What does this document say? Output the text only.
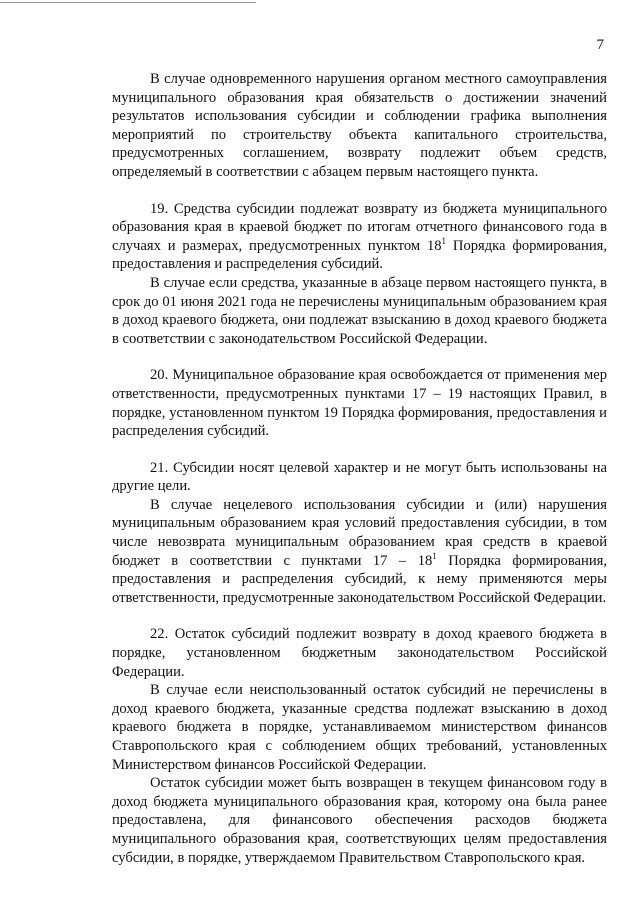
7

В случае одновременного нарушения органом местного самоуправления муниципального образования края обязательств о достижении значений результатов использования субсидии и соблюдении графика выполнения мероприятий по строительству объекта капитального строительства, предусмотренных соглашением, возврату подлежит объем средств, определяемый в соответствии с абзацем первым настоящего пункта.

19. Средства субсидии подлежат возврату из бюджета муниципального образования края в краевой бюджет по итогам отчетного финансового года в случаях и размерах, предусмотренных пунктом $18^1$ Порядка формирования, предоставления и распределения субсидий.

В случае если средства, указанные в абзаце первом настоящего пункта, в срок до 01 июня 2021 года не перечислены муниципальным образованием края в доход краевого бюджета, они подлежат взысканию в доход краевого бюджета в соответствии с законодательством Российской Федерации.

20. Муниципальное образование края освобождается от применения мер ответственности, предусмотренных пунктами 17 – 19 настоящих Правил, в порядке, установленном пунктом 19 Порядка формирования, предоставления и распределения субсидий.

21. Субсидии носят целевой характер и не могут быть использованы на другие цели.

В случае нецелевого использования субсидии и (или) нарушения муниципальным образованием края условий предоставления субсидии, в том числе невозврата муниципальным образованием края средств в краевой бюджет в соответствии с пунктами $17 - 18^1$ Порядка формирования, предоставления и распределения субсидий, к нему применяются меры ответственности, предусмотренные законодательством Российской Федерации.

22. Остаток субсидий подлежит возврату в доход краевого бюджета в порядке, установленном бюджетным законодательством Российской Федерации.

В случае если неиспользованный остаток субсидий не перечислены в доход краевого бюджета, указанные средства подлежат взысканию в доход краевого бюджета в порядке, устанавливаемом министерством финансов Ставропольского края с соблюдением общих требований, установленных Министерством финансов Российской Федерации.

Остаток субсидии может быть возвращен в текущем финансовом году в доход бюджета муниципального образования края, которому она была ранее предоставлена, для финансового обеспечения расходов бюджета муниципального образования края, соответствующих целям предоставления субсидии, в порядке, утверждаемом Правительством Ставропольского края.
